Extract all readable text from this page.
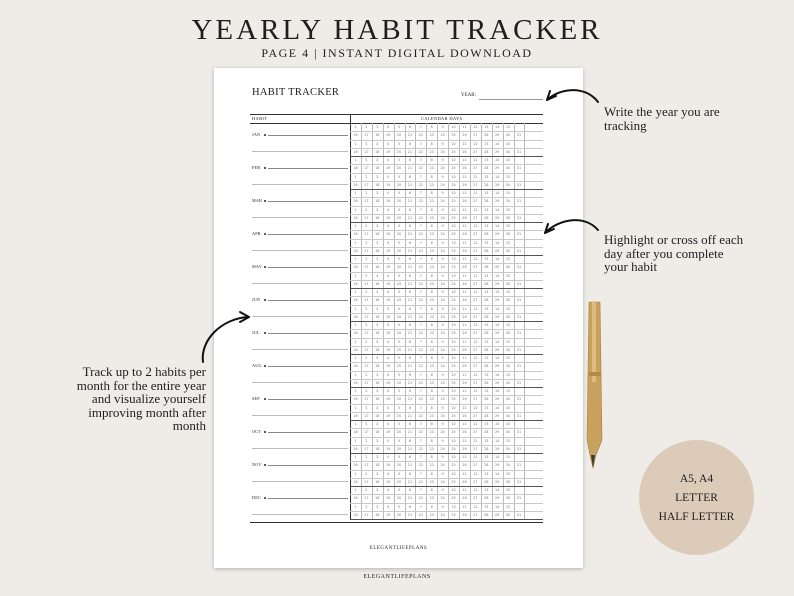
YEARLY HABIT TRACKER
PAGE 4 | INSTANT DIGITAL DOWNLOAD
HABIT TRACKER	YEAR:
HABIT	CALENDAR DAYS
JAN
1	2	3	4	5	6	7	8	9	10	11	12	13	14	15
16	17	18	19	20	21	22	23	24	25	26	27	28	29	30	31
1	2	3	4	5	6	7	8	9	10	11	12	13	14	15
16	17	18	19	20	21	22	23	24	25	26	27	28	29	30	31
FEB
1	2	3	4	5	6	7	8	9	10	11	12	13	14	15
16	17	18	19	20	21	22	23	24	25	26	27	28	29	30	31
1	2	3	4	5	6	7	8	9	10	11	12	13	14	15
16	17	18	19	20	21	22	23	24	25	26	27	28	29	30	31
MAR
1	2	3	4	5	6	7	8	9	10	11	12	13	14	15
16	17	18	19	20	21	22	23	24	25	26	27	28	29	30	31
1	2	3	4	5	6	7	8	9	10	11	12	13	14	15
16	17	18	19	20	21	22	23	24	25	26	27	28	29	30	31
APR
1	2	3	4	5	6	7	8	9	10	11	12	13	14	15
16	17	18	19	20	21	22	23	24	25	26	27	28	29	30	31
1	2	3	4	5	6	7	8	9	10	11	12	13	14	15
16	17	18	19	20	21	22	23	24	25	26	27	28	29	30	31
MAY
1	2	3	4	5	6	7	8	9	10	11	12	13	14	15
16	17	18	19	20	21	22	23	24	25	26	27	28	29	30	31
1	2	3	4	5	6	7	8	9	10	11	12	13	14	15
16	17	18	19	20	21	22	23	24	25	26	27	28	29	30	31
JUN
1	2	3	4	5	6	7	8	9	10	11	12	13	14	15
16	17	18	19	20	21	22	23	24	25	26	27	28	29	30	31
1	2	3	4	5	6	7	8	9	10	11	12	13	14	15
16	17	18	19	20	21	22	23	24	25	26	27	28	29	30	31
JUL
1	2	3	4	5	6	7	8	9	10	11	12	13	14	15
16	17	18	19	20	21	22	23	24	25	26	27	28	29	30	31
1	2	3	4	5	6	7	8	9	10	11	12	13	14	15
16	17	18	19	20	21	22	23	24	25	26	27	28	29	30	31
AUG
1	2	3	4	5	6	7	8	9	10	11	12	13	14	15
16	17	18	19	20	21	22	23	24	25	26	27	28	29	30	31
1	2	3	4	5	6	7	8	9	10	11	12	13	14	15
16	17	18	19	20	21	22	23	24	25	26	27	28	29	30	31
SEP
1	2	3	4	5	6	7	8	9	10	11	12	13	14	15
16	17	18	19	20	21	22	23	24	25	26	27	28	29	30	31
1	2	3	4	5	6	7	8	9	10	11	12	13	14	15
16	17	18	19	20	21	22	23	24	25	26	27	28	29	30	31
OCT
1	2	3	4	5	6	7	8	9	10	11	12	13	14	15
16	17	18	19	20	21	22	23	24	25	26	27	28	29	30	31
1	2	3	4	5	6	7	8	9	10	11	12	13	14	15
16	17	18	19	20	21	22	23	24	25	26	27	28	29	30	31
NOV
1	2	3	4	5	6	7	8	9	10	11	12	13	14	15
16	17	18	19	20	21	22	23	24	25	26	27	28	29	30	31
1	2	3	4	5	6	7	8	9	10	11	12	13	14	15
16	17	18	19	20	21	22	23	24	25	26	27	28	29	30	31
DEC
1	2	3	4	5	6	7	8	9	10	11	12	13	14	15
16	17	18	19	20	21	22	23	24	25	26	27	28	29	30	31
1	2	3	4	5	6	7	8	9	10	11	12	13	14	15
16	17	18	19	20	21	22	23	24	25	26	27	28	29	30	31
ELEGANTLIFEPLANS
ELEGANTLIFEPLANS
Write the year you are
tracking
Highlight or cross off each
day after you complete
your habit
Track up to 2 habits per
month for the entire year
and visualize yourself
improving month after
month
A5, A4
LETTER
HALF LETTER
